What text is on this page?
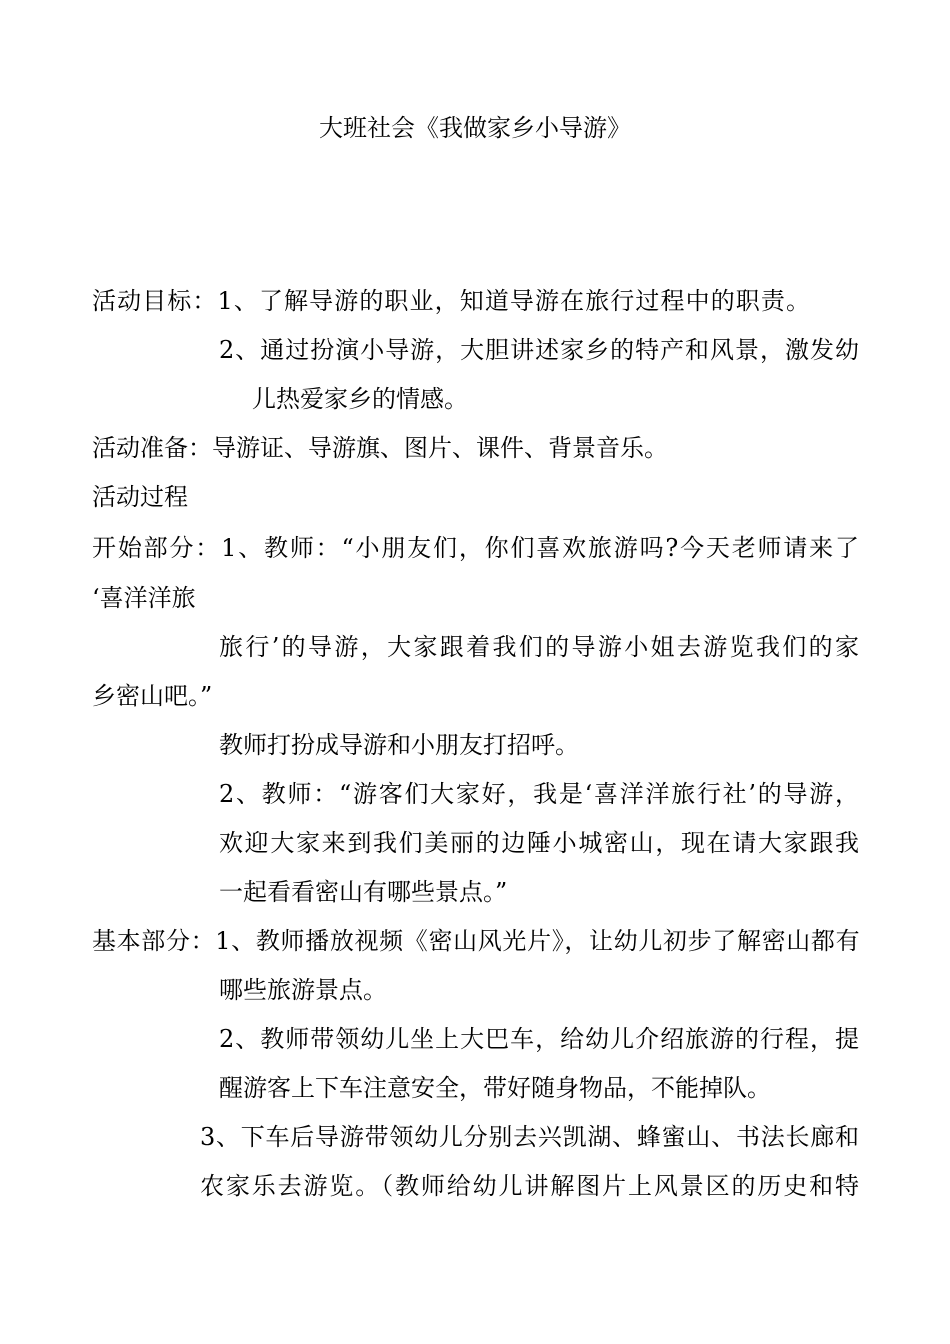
大班社会《我做家乡小导游》
活动目标：1、了解导游的职业，知道导游在旅行过程中的职责。
2、通过扮演小导游，大胆讲述家乡的特产和风景，激发幼
儿热爱家乡的情感。
活动准备：导游证、导游旗、图片、课件、背景音乐。
活动过程
开始部分：1、教师：“小朋友们，你们喜欢旅游吗?今天老师请来了
‘喜洋洋旅
旅行’的导游，大家跟着我们的导游小姐去游览我们的家
乡密山吧。”
教师打扮成导游和小朋友打招呼。
2、教师：“游客们大家好，我是‘喜洋洋旅行社’的导游，
欢迎大家来到我们美丽的边陲小城密山，现在请大家跟我
一起看看密山有哪些景点。”
基本部分：1、教师播放视频《密山风光片》，让幼儿初步了解密山都有
哪些旅游景点。
2、教师带领幼儿坐上大巴车，给幼儿介绍旅游的行程，提
醒游客上下车注意安全，带好随身物品，不能掉队。
3、下车后导游带领幼儿分别去兴凯湖、蜂蜜山、书法长廊和
农家乐去游览。（教师给幼儿讲解图片上风景区的历史和特
